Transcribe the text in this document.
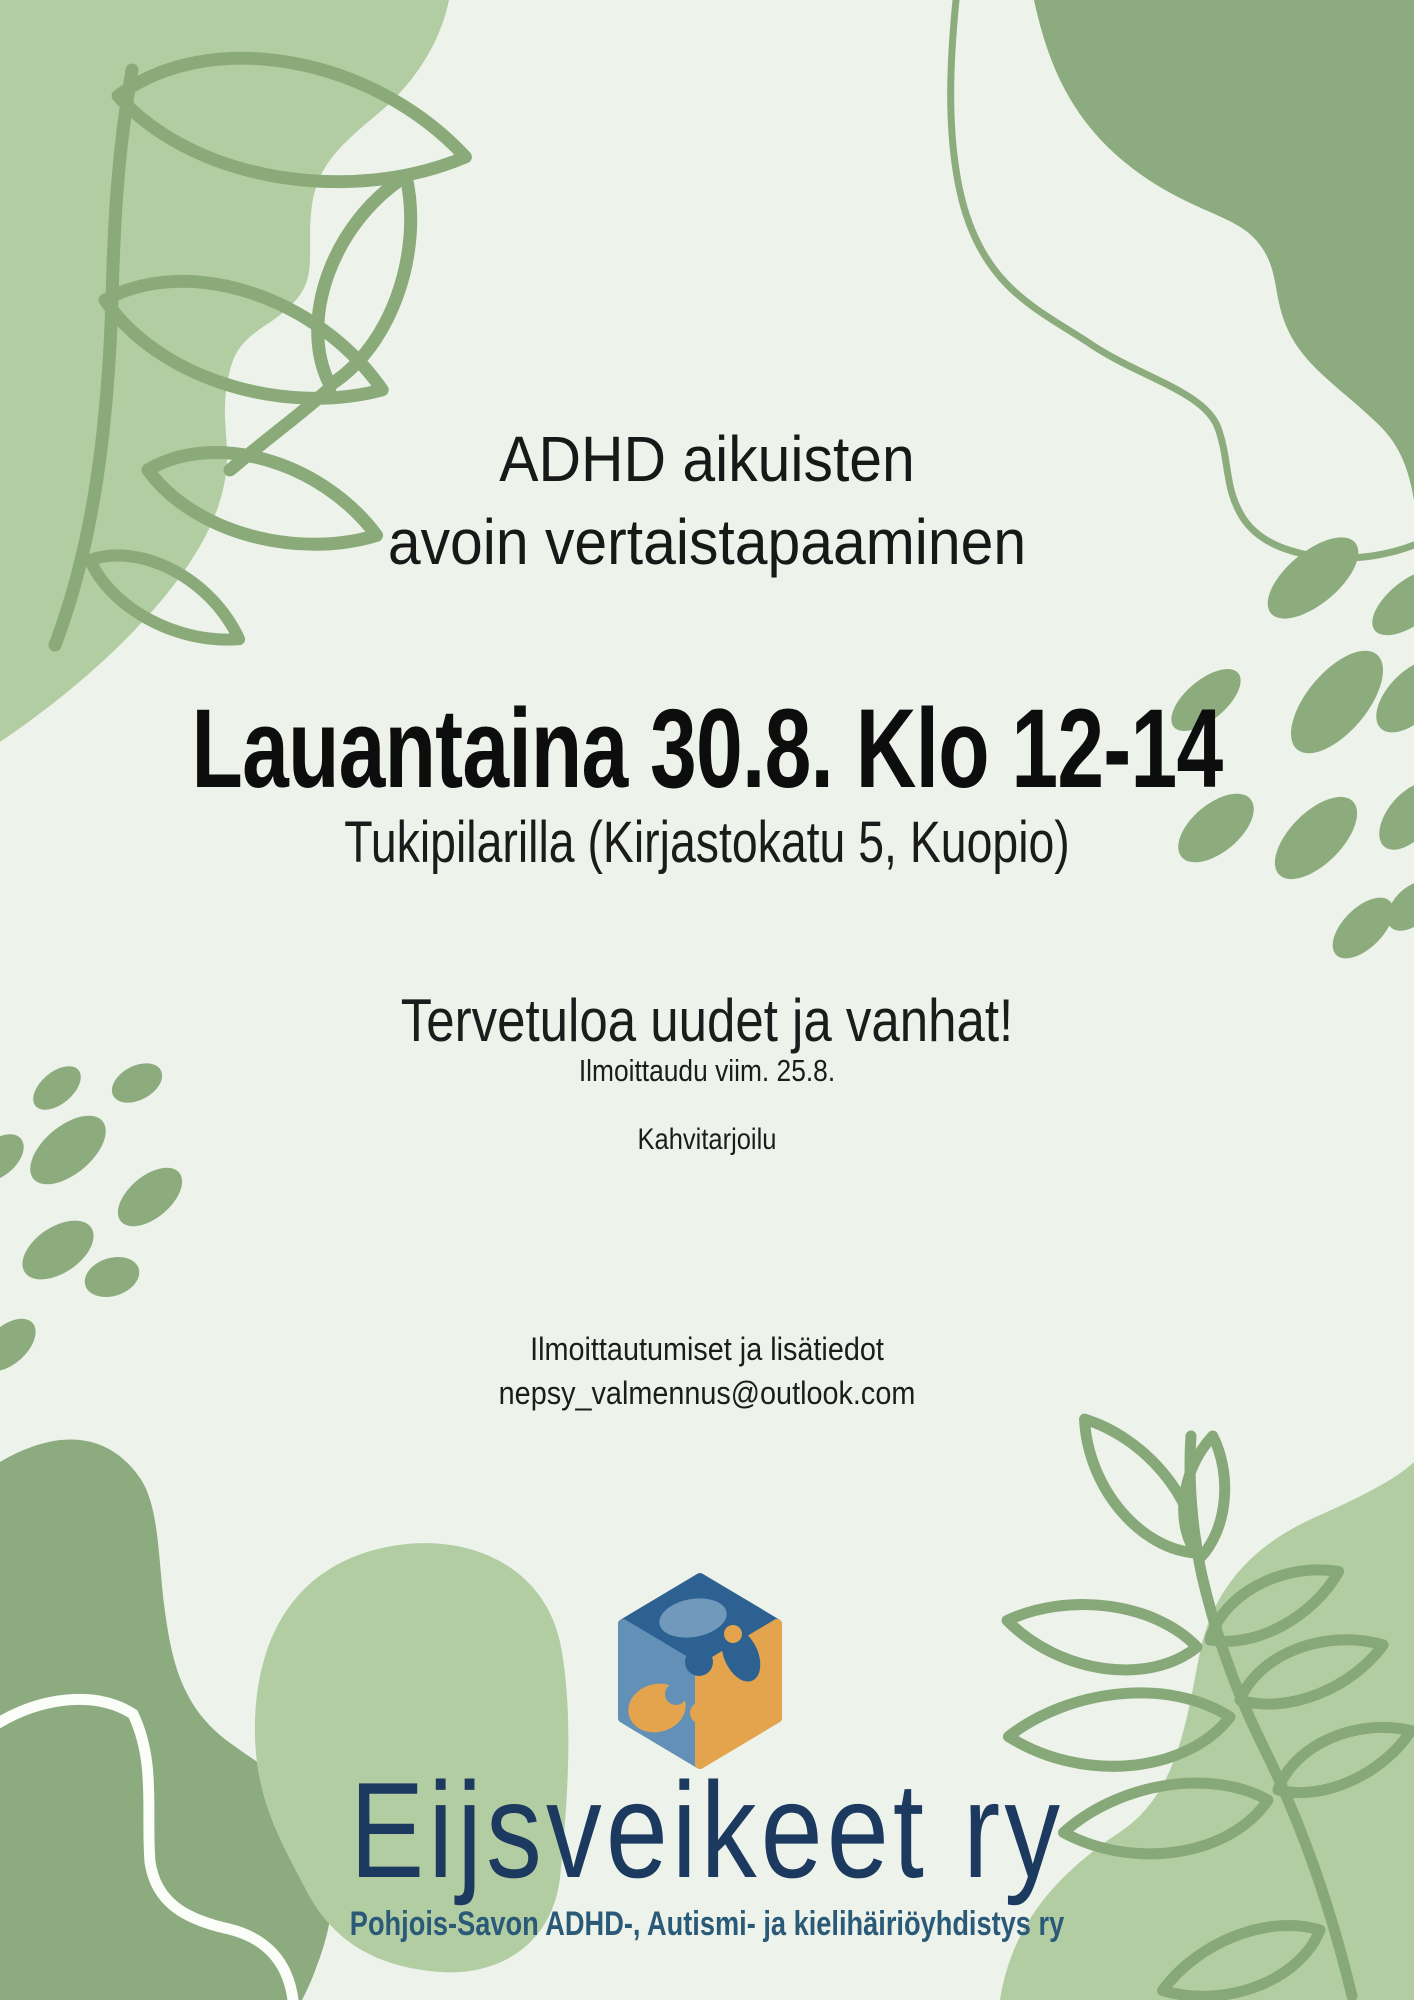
ADHD aikuisten
avoin vertaistapaaminen
Lauantaina 30.8. Klo 12-14
Tukipilarilla (Kirjastokatu 5, Kuopio)
Tervetuloa uudet ja vanhat!
Ilmoittaudu viim. 25.8.
Kahvitarjoilu
Ilmoittautumiset ja lisätiedot
nepsy_valmennus@outlook.com
Eijsveikeet ry
Pohjois-Savon ADHD-, Autismi- ja kielihäiriöyhdistys ry
